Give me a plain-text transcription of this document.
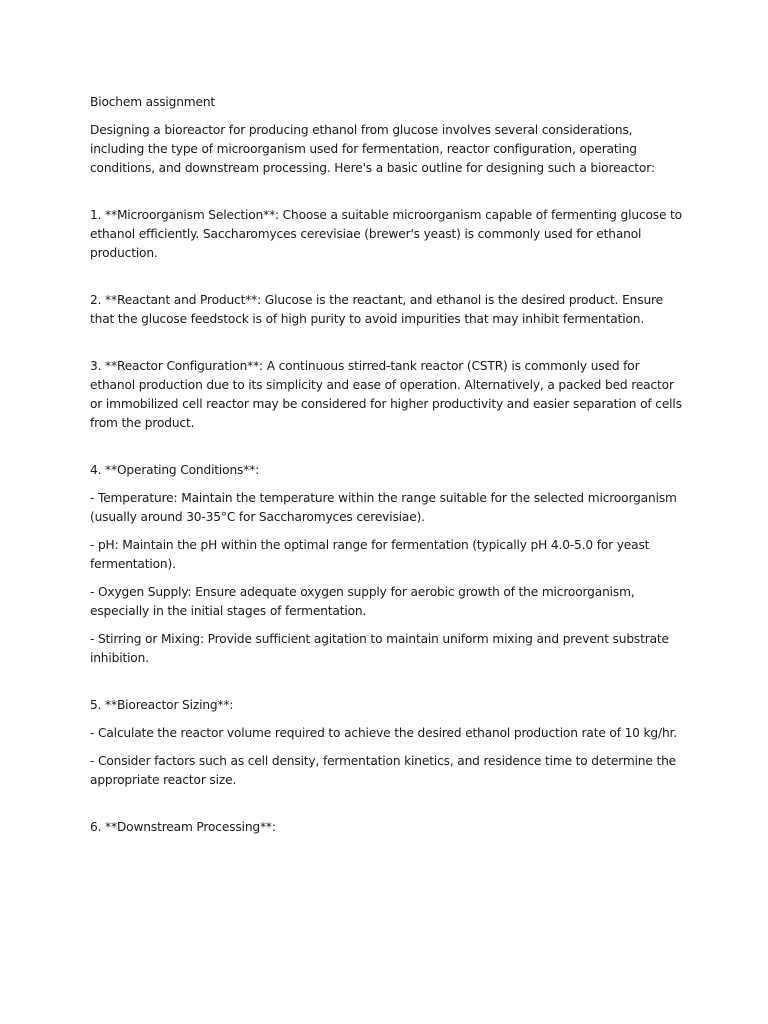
Biochem assignment

Designing a bioreactor for producing ethanol from glucose involves several considerations, including the type of microorganism used for fermentation, reactor configuration, operating conditions, and downstream processing. Here's a basic outline for designing such a bioreactor:

1. **Microorganism Selection**: Choose a suitable microorganism capable of fermenting glucose to ethanol efficiently. Saccharomyces cerevisiae (brewer's yeast) is commonly used for ethanol production.

2. **Reactant and Product**: Glucose is the reactant, and ethanol is the desired product. Ensure that the glucose feedstock is of high purity to avoid impurities that may inhibit fermentation.

3. **Reactor Configuration**: A continuous stirred-tank reactor (CSTR) is commonly used for ethanol production due to its simplicity and ease of operation. Alternatively, a packed bed reactor or immobilized cell reactor may be considered for higher productivity and easier separation of cells from the product.

4. **Operating Conditions**:

- Temperature: Maintain the temperature within the range suitable for the selected microorganism (usually around 30-35°C for Saccharomyces cerevisiae).

- pH: Maintain the pH within the optimal range for fermentation (typically pH 4.0-5.0 for yeast fermentation).

- Oxygen Supply: Ensure adequate oxygen supply for aerobic growth of the microorganism, especially in the initial stages of fermentation.

- Stirring or Mixing: Provide sufficient agitation to maintain uniform mixing and prevent substrate inhibition.

5. **Bioreactor Sizing**:

- Calculate the reactor volume required to achieve the desired ethanol production rate of 10 kg/hr.

- Consider factors such as cell density, fermentation kinetics, and residence time to determine the appropriate reactor size.

6. **Downstream Processing**:
